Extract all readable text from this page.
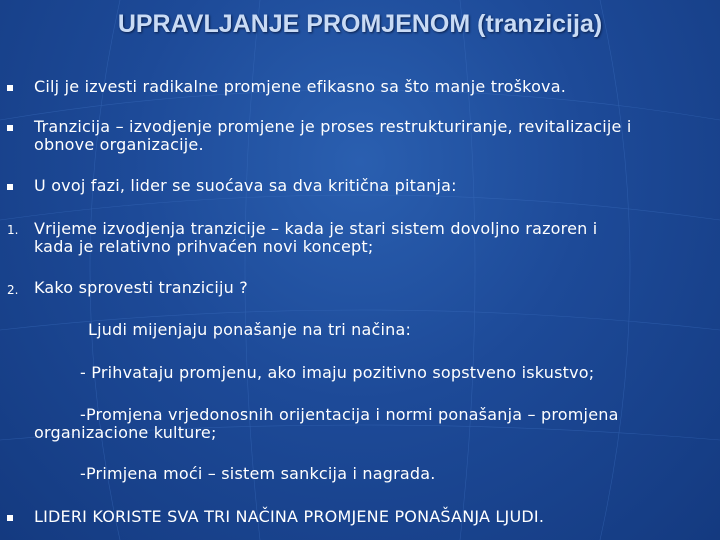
UPRAVLJANJE PROMJENOM (tranzicija)
Cilj je izvesti radikalne promjene efikasno sa što manje troškova.
Tranzicija – izvodjenje promjene je proses restrukturiranje, revitalizacije i
obnove organizacije.
U ovoj fazi, lider se suoćava sa dva kritična pitanja:
1. Vrijeme izvodjenja tranzicije – kada je stari sistem dovoljno razoren i
kada je relativno prihvaćen novi koncept;
2. Kako sprovesti tranziciju ?
Ljudi mijenjaju ponašanje na tri načina:
- Prihvataju promjenu, ako imaju pozitivno sopstveno iskustvo;
-Promjena vrjedonosnih orijentacija i normi ponašanja – promjena
organizacione kulture;
-Primjena moći – sistem sankcija i nagrada.
LIDERI KORISTE SVA TRI NAČINA PROMJENE PONAŠANJA LJUDI.
